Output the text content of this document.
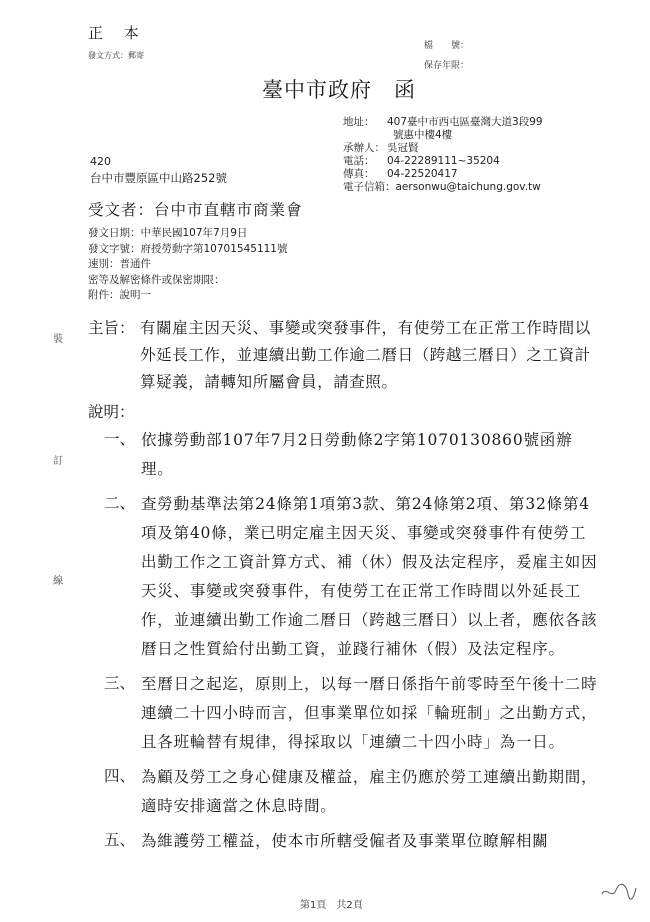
正 本
發文方式：郵寄
檔　　號：
保存年限：
臺中市政府　函
地址：	407臺中市西屯區臺灣大道3段99
號惠中樓4樓
承辦人： 吳冠賢
電話：	04-22289111~35204
傳真：	04-22520417
電子信箱： aersonwu@taichung.gov.tw
420
台中市豐原區中山路252號
受文者：台中市直轄市商業會
發文日期：中華民國107年7月9日
發文字號：府授勞動字第10701545111號
速別：普通件
密等及解密條件或保密期限：
附件：說明一
裝
訂
線
主旨： 有關雇主因天災、事變或突發事件，有使勞工在正常工作時間以外延長工作，並連續出勤工作逾二曆日（跨越三曆日）之工資計算疑義，請轉知所屬會員，請查照。
說明：
一、 依據勞動部107年7月2日勞動條2字第1070130860號函辦理。
二、 查勞動基準法第24條第1項第3款、第24條第2項、第32條第4項及第40條，業已明定雇主因天災、事變或突發事件有使勞工出勤工作之工資計算方式、補（休）假及法定程序，爰雇主如因天災、事變或突發事件，有使勞工在正常工作時間以外延長工作，並連續出勤工作逾二曆日（跨越三曆日）以上者，應依各該曆日之性質給付出勤工資，並踐行補休（假）及法定程序。
三、 至曆日之起迄，原則上，以每一曆日係指午前零時至午後十二時連續二十四小時而言，但事業單位如採「輪班制」之出勤方式，且各班輪替有規律，得採取以「連續二十四小時」為一日。
四、 為顧及勞工之身心健康及權益，雇主仍應於勞工連續出勤期間，適時安排適當之休息時間。
五、 為維護勞工權益，使本市所轄受僱者及事業單位瞭解相關
第1頁　共2頁
